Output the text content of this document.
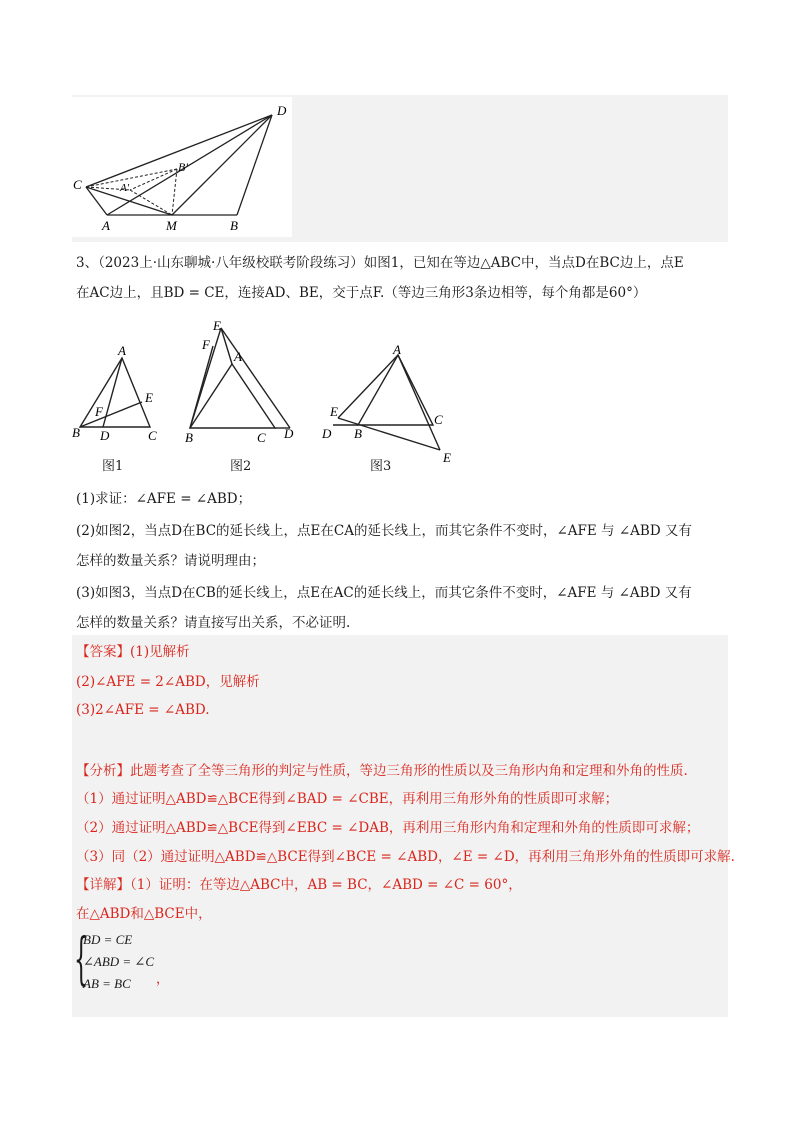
D
C
A	M	B
B'
A'
3、（2023上·山东聊城·八年级校联考阶段练习）如图1，已知在等边△ABC中，当点D在BC边上，点E
在AC边上，且BD = CE，连接AD、BE，交于点F.（等边三角形3条边相等，每个角都是60°）
A
E
F
B D	C
图1
E
F
A
B	C D
图2
A
E
B
C
D
E
图3
(1)求证：∠AFE = ∠ABD；
(2)如图2，当点D在BC的延长线上，点E在CA的延长线上，而其它条件不变时，∠AFE 与 ∠ABD 又有
怎样的数量关系？请说明理由；
(3)如图3，当点D在CB的延长线上，点E在AC的延长线上，而其它条件不变时，∠AFE 与 ∠ABD 又有
怎样的数量关系？请直接写出关系，不必证明.
【答案】(1)见解析
(2)∠AFE = 2∠ABD，见解析
(3)2∠AFE = ∠ABD.
【分析】此题考查了全等三角形的判定与性质，等边三角形的性质以及三角形内角和定理和外角的性质.
（1）通过证明△ABD≌△BCE得到∠BAD = ∠CBE，再利用三角形外角的性质即可求解；
（2）通过证明△ABD≌△BCE得到∠EBC = ∠DAB，再利用三角形内角和定理和外角的性质即可求解；
（3）同（2）通过证明△ABD≌△BCE得到∠BCE = ∠ABD，∠E = ∠D，再利用三角形外角的性质即可求解.
【详解】（1）证明：在等边△ABC中，AB = BC，∠ABD = ∠C = 60°，
在△ABD和△BCE中，
{
BD = CE
∠ABD = ∠C
AB = BC ，
